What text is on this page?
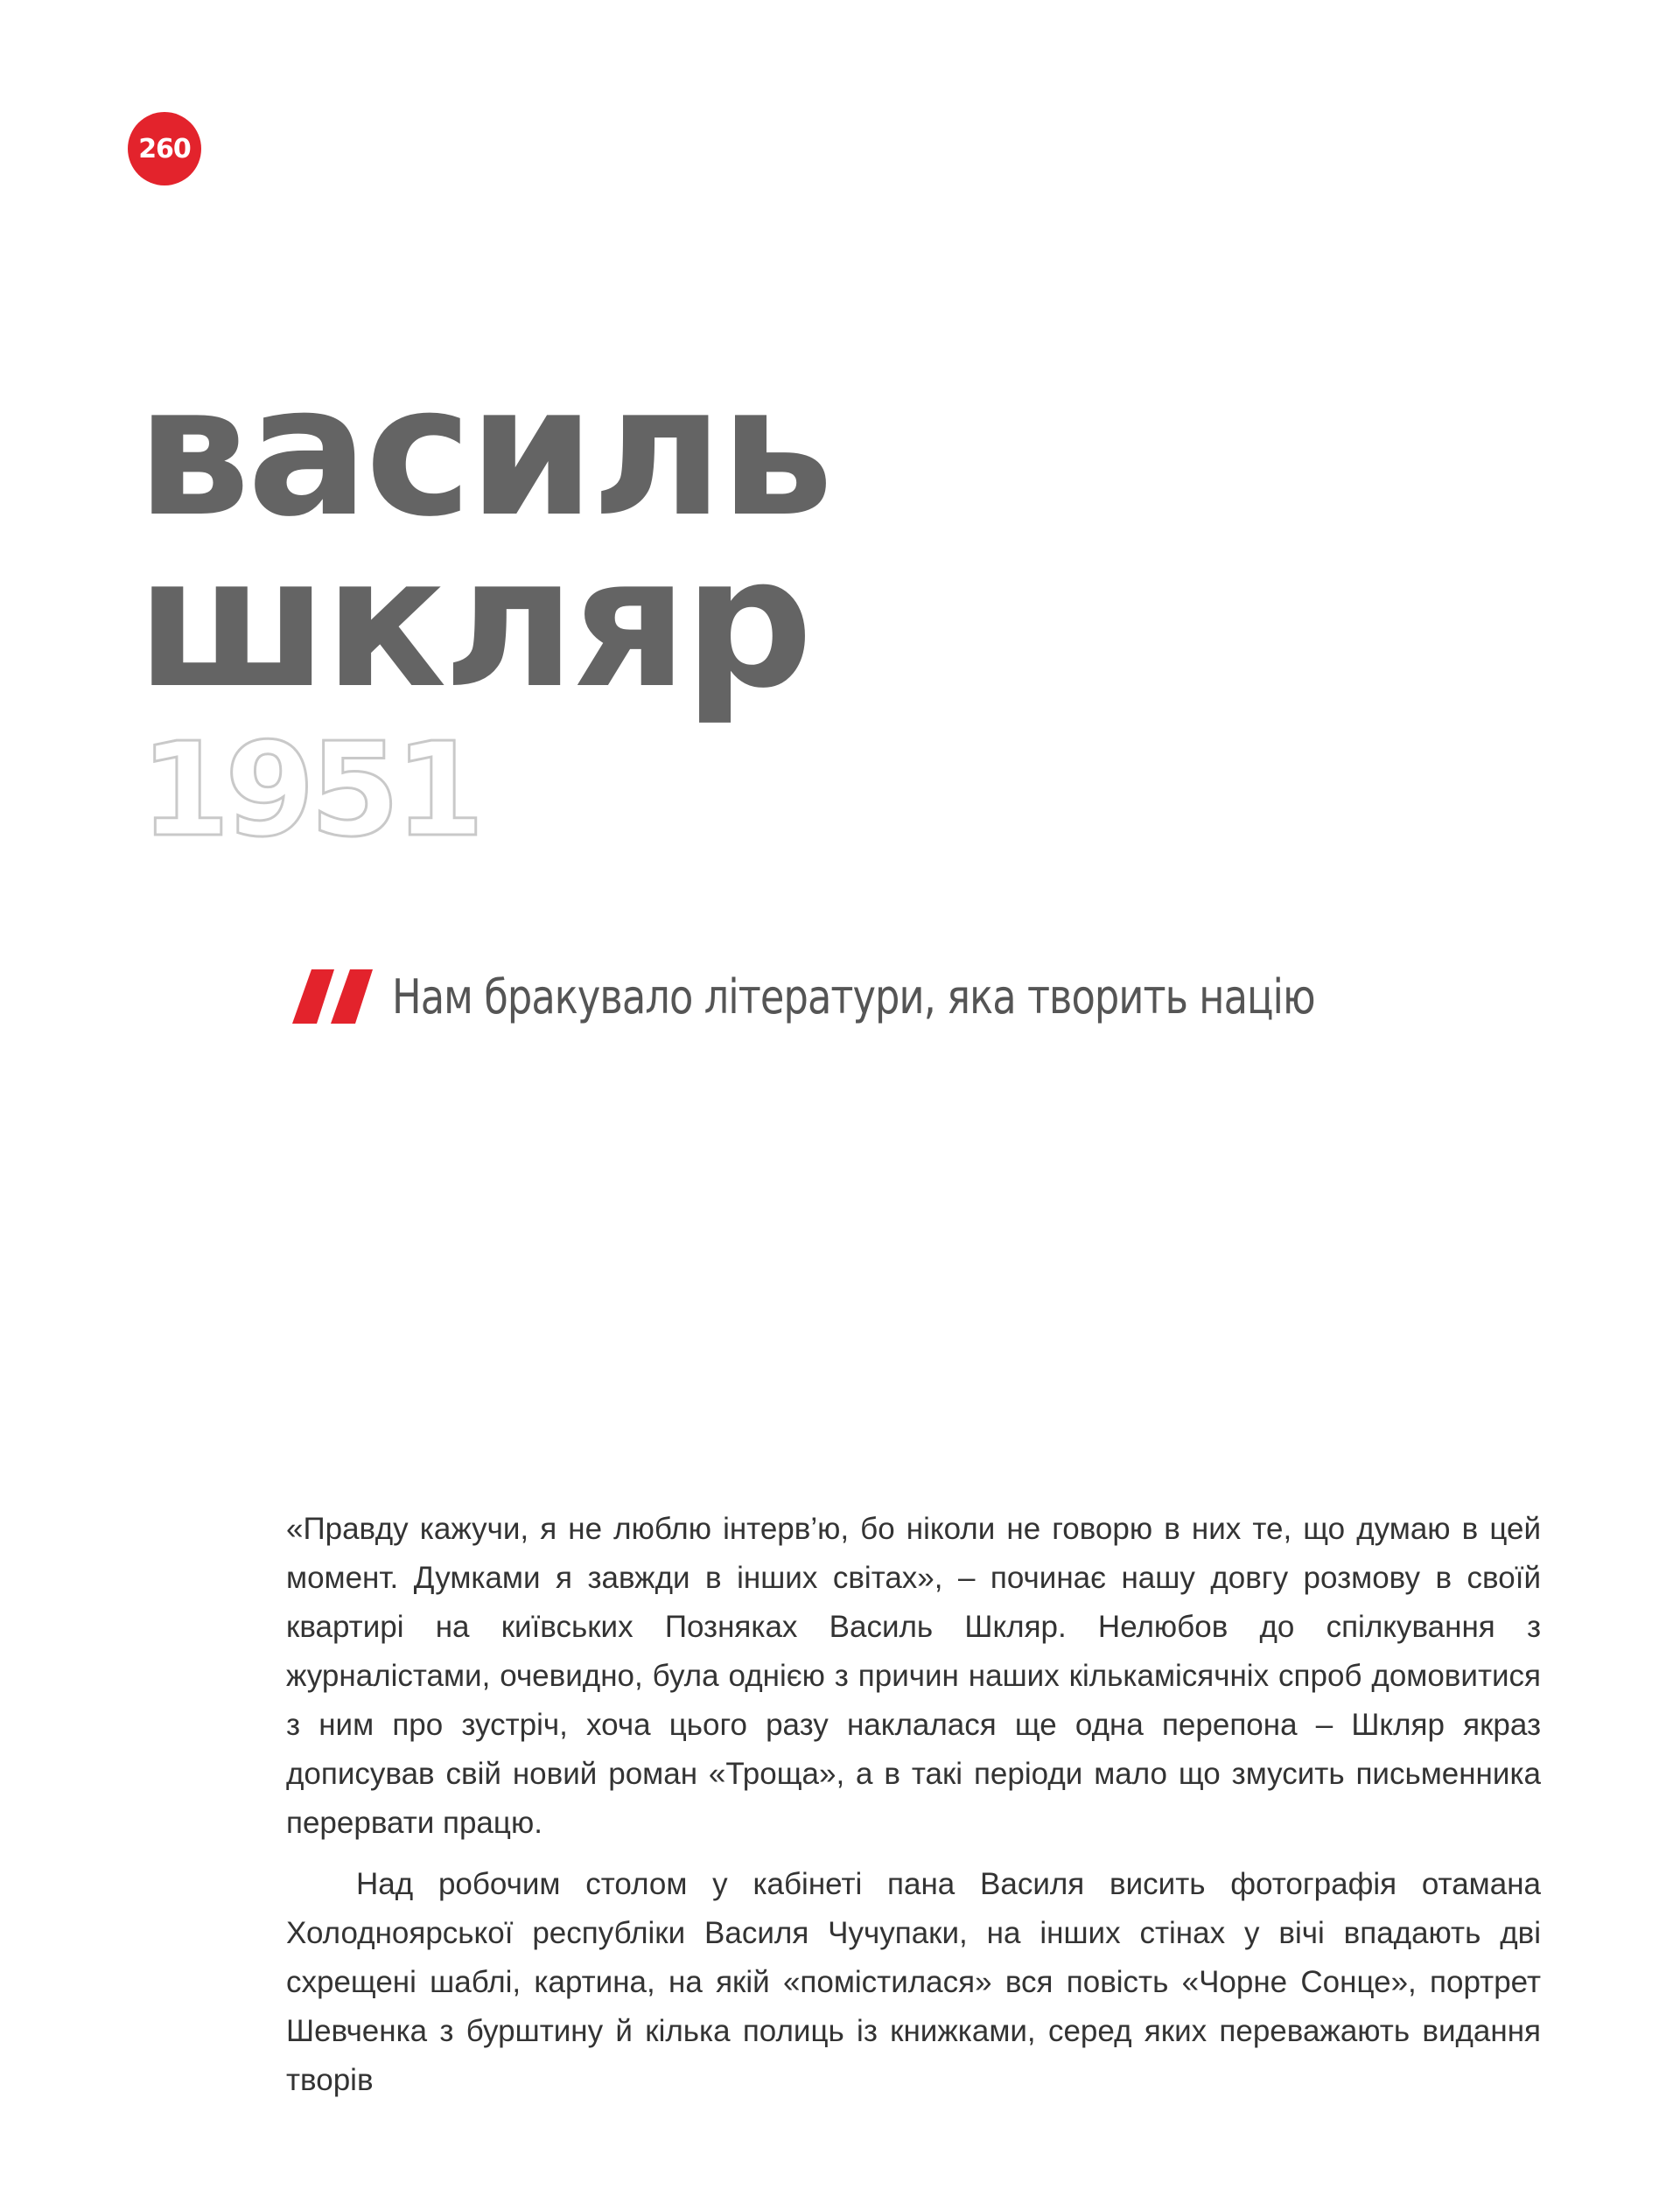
260
василь
шкляр
1951
Нам бракувало літератури, яка творить націю

«Правду кажучи, я не люблю інтерв’ю, бо ніколи не говорю в них те, що думаю в цей момент. Думками я завжди в інших світах», – починає нашу довгу розмову в своїй квартирі на київських Позняках Василь Шкляр. Нелюбов до спілкування з журналістами, очевидно, була однією з причин наших кількамісячніх спроб домовитися з ним про зустріч, хоча цього разу наклалася ще одна перепона – Шкляр якраз дописував свій новий роман «Трощa», а в такі періоди мало що змусить письменника перервати працю.

Над робочим столом у кабінеті пана Василя висить фотографія отамана Холодноярської республіки Василя Чучупаки, на інших стінах у вічі впадають дві схрещені шаблі, картина, на якій «помістилася» вся повість «Чорне Сонце», портрет Шевченка з бурштину й кілька полиць із книжками, серед яких переважають видання творів
